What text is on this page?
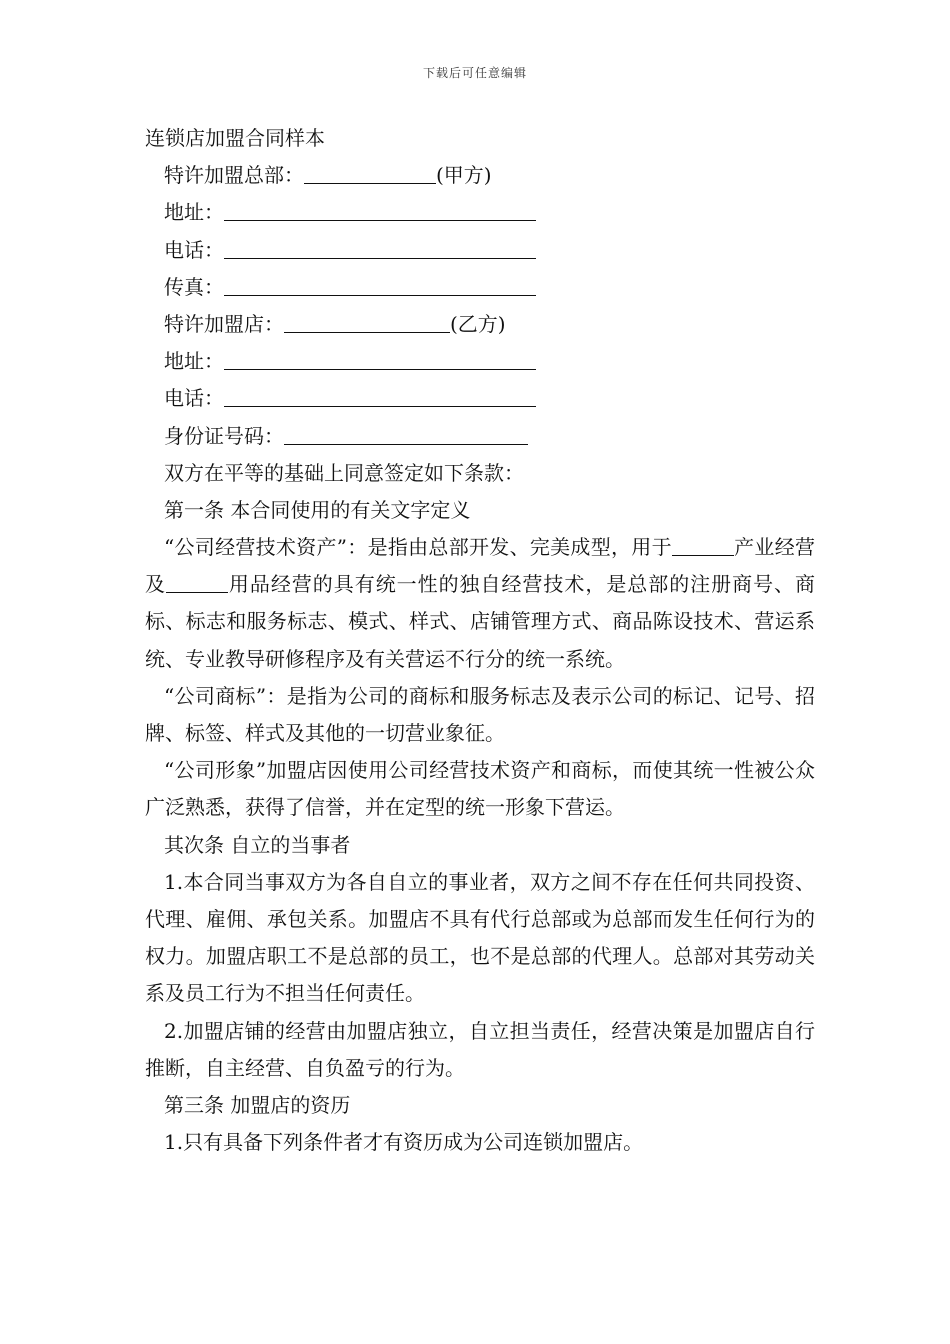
下载后可任意编辑
连锁店加盟合同样本
特许加盟总部：	(甲方)
地址：
电话：
传真：
特许加盟店：	(乙方)
地址：
电话：
身份证号码：
双方在平等的基础上同意签定如下条款：
第一条 本合同使用的有关文字定义
“公司经营技术资产”：是指由总部开发、完美成型，用于	产业经营及	用品经营的具有统一性的独自经营技术，是总部的注册商号、商标、标志和服务标志、模式、样式、店铺管理方式、商品陈设技术、营运系统、专业教导研修程序及有关营运不行分的统一系统。
“公司商标”：是指为公司的商标和服务标志及表示公司的标记、记号、招牌、标签、样式及其他的一切营业象征。
“公司形象”加盟店因使用公司经营技术资产和商标，而使其统一性被公众广泛熟悉，获得了信誉，并在定型的统一形象下营运。
其次条 自立的当事者
1.本合同当事双方为各自自立的事业者，双方之间不存在任何共同投资、代理、雇佣、承包关系。加盟店不具有代行总部或为总部而发生任何行为的权力。加盟店职工不是总部的员工，也不是总部的代理人。总部对其劳动关系及员工行为不担当任何责任。
2.加盟店铺的经营由加盟店独立，自立担当责任，经营决策是加盟店自行推断，自主经营、自负盈亏的行为。
第三条 加盟店的资历
1.只有具备下列条件者才有资历成为公司连锁加盟店。
